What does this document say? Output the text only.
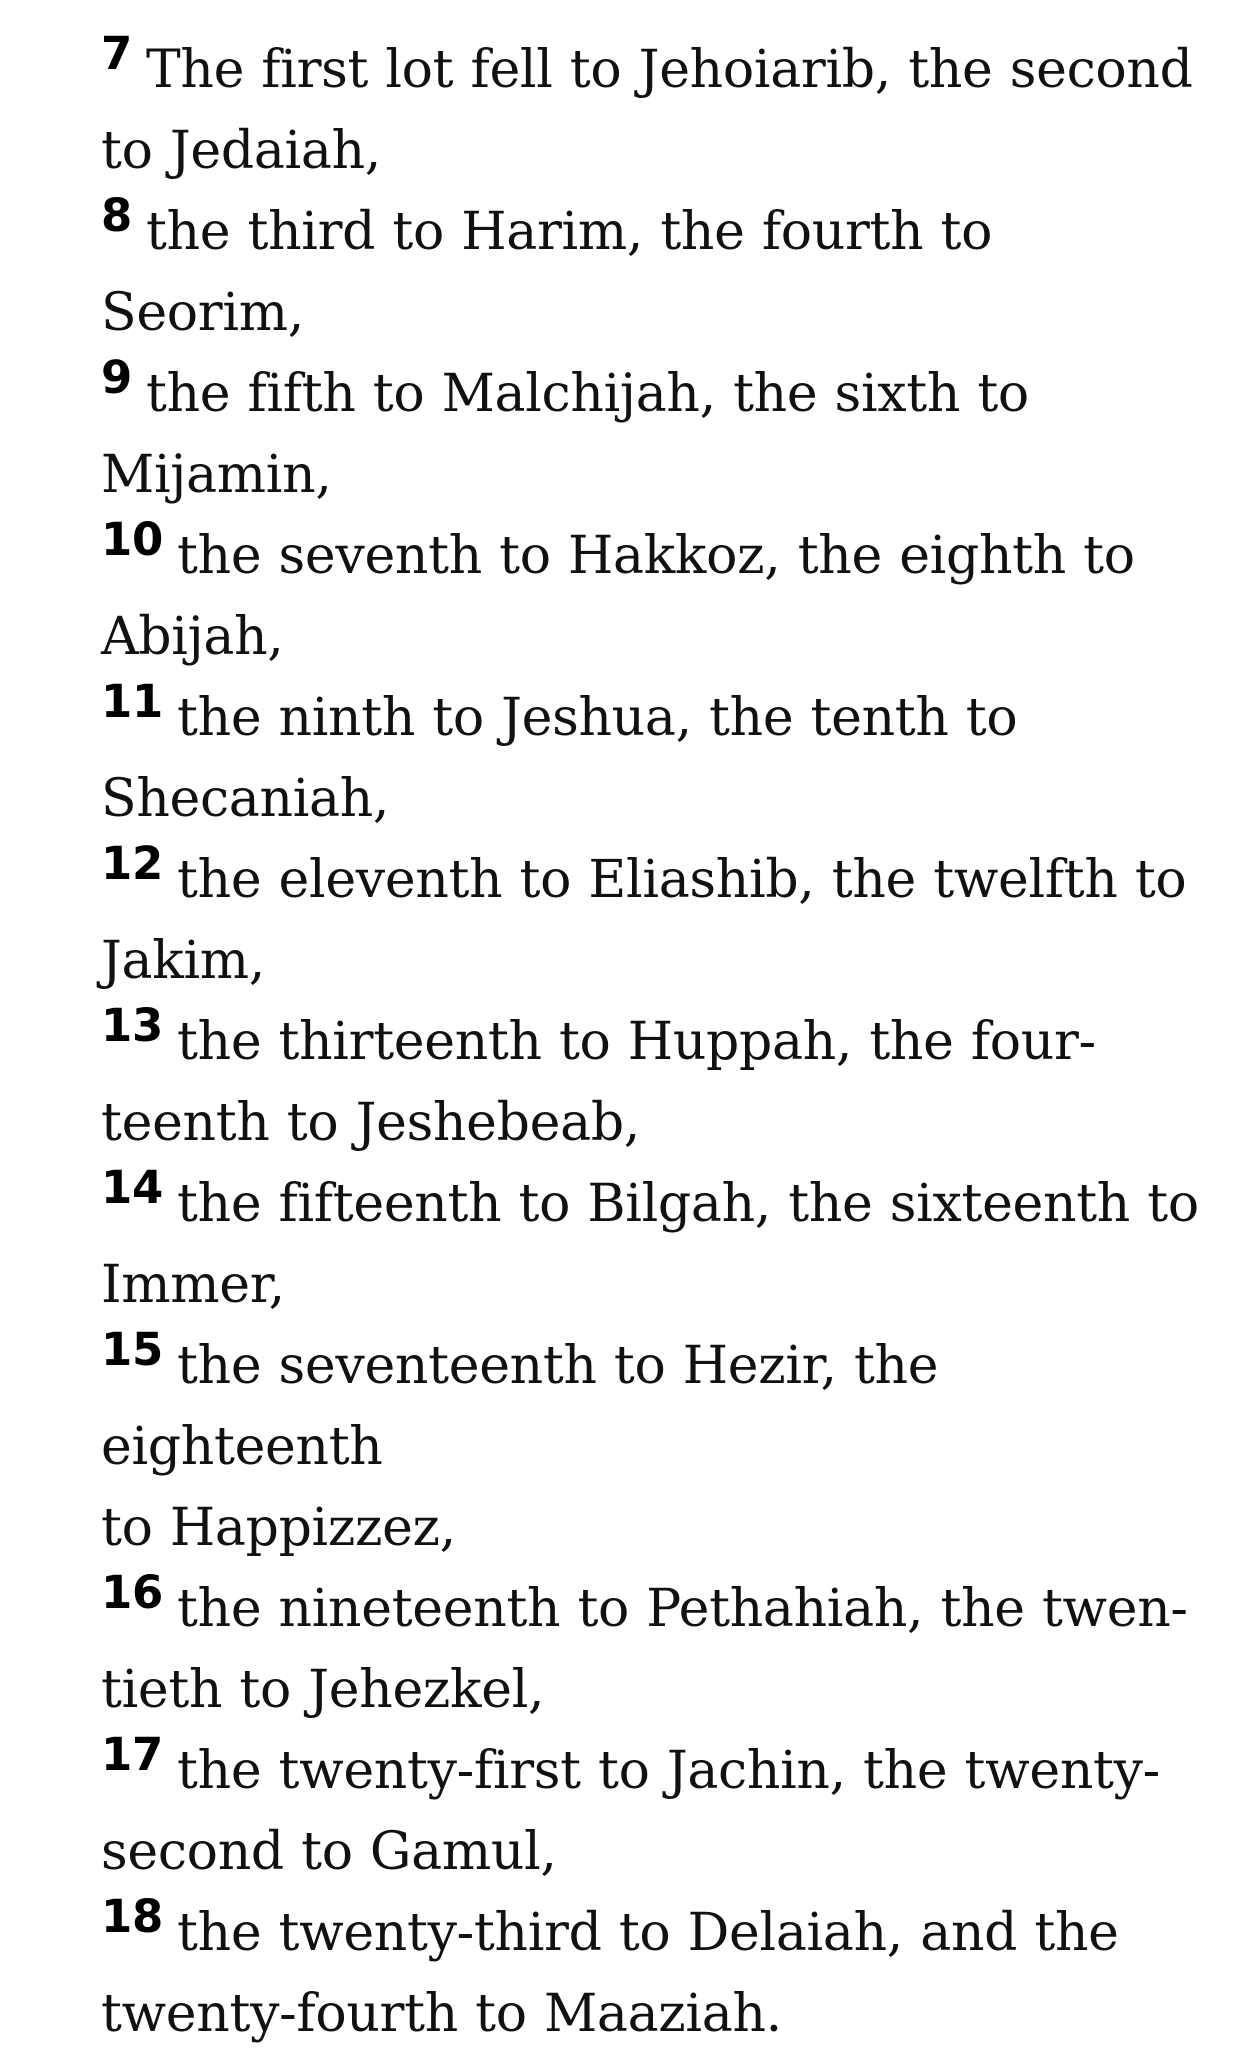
7 The first lot fell to Jehoiarib, the second
to Jedaiah,
8 the third to Harim, the fourth to Seorim,
9 the fifth to Malchijah, the sixth to
Mijamin,
10 the seventh to Hakkoz, the eighth to
Abijah,
11 the ninth to Jeshua, the tenth to
Shecaniah,
12 the eleventh to Eliashib, the twelfth to
Jakim,
13 the thirteenth to Huppah, the four-
teenth to Jeshebeab,
14 the fifteenth to Bilgah, the sixteenth to
Immer,
15 the seventeenth to Hezir, the eighteenth
to Happizzez,
16 the nineteenth to Pethahiah, the twen-
tieth to Jehezkel,
17 the twenty-first to Jachin, the twenty-
second to Gamul,
18 the twenty-third to Delaiah, and the
twenty-fourth to Maaziah.
